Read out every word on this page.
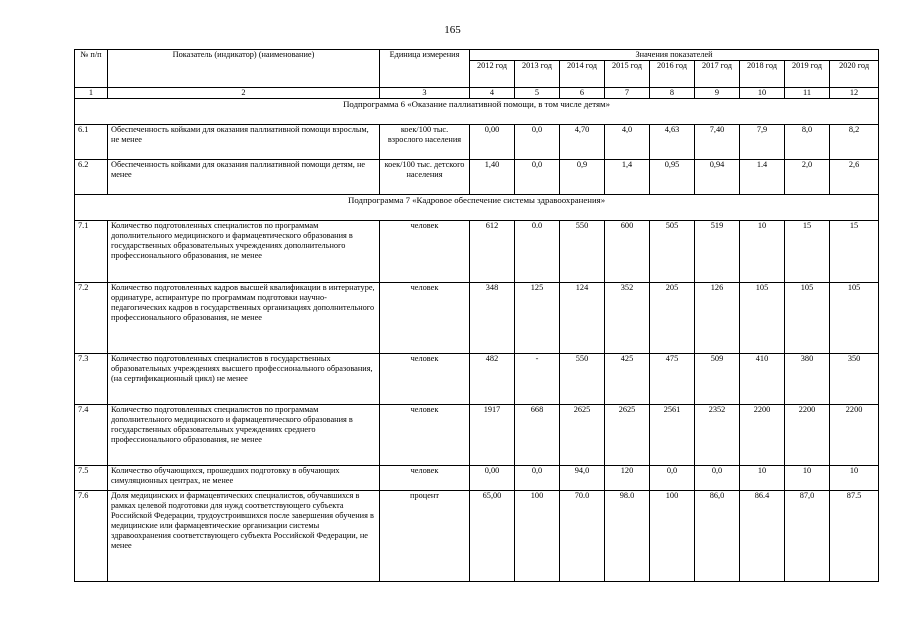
165
№ п/п	Показатель (индикатор) (наименование)	Единица измерения	Значения показателей								
			2012 год	2013 год	2014 год	2015 год	2016 год	2017 год	2018 год	2019 год	2020 год
1	2	3	4	5	6	7	8	9	10	11	12
Подпрограмма 6 «Оказание паллиативной помощи, в том числе детям»											
6.1	Обеспеченность койками для оказания паллиативной помощи взрослым, не менее	коек/100 тыс. взрослого населения	0,00	0,0	4,70	4,0	4,63	7,40	7,9	8,0	8,2
6.2	Обеспеченность койками для оказания паллиативной помощи детям, не менее	коек/100 тыс. детского населения	1,40	0,0	0,9	1,4	0,95	0,94	1.4	2,0	2,6
Подпрограмма 7 «Кадровое обеспечение системы здравоохранения»											
7.1	Количество подготовленных специалистов по программам дополнительного медицинского и фармацевтического образования в государственных образовательных учреждениях дополнительного профессионального образования, не менее	человек	612	0.0	550	600	505	519	10	15	15
7.2	Количество подготовленных кадров высшей квалификации в интернатуре, ординатуре, аспирантуре по программам подготовки научно-педагогических кадров в государственных организациях дополнительного профессионального образования, не менее	человек	348	125	124	352	205	126	105	105	105
7.3	Количество подготовленных специалистов в государственных образовательных учреждениях высшего профессионального образования, (на сертификационный цикл) не менее	человек	482	-	550	425	475	509	410	380	350
7.4	Количество подготовленных специалистов по программам дополнительного медицинского и фармацевтического образования в государственных образовательных учреждениях среднего профессионального образования, не менее	человек	1917	668	2625	2625	2561	2352	2200	2200	2200
7.5	Количество обучающихся, прошедших подготовку в обучающих симуляционных центрах, не менее	человек	0,00	0,0	94,0	120	0,0	0,0	10	10	10
7.6	Доля медицинских и фармацевтических специалистов, обучавшихся в рамках целевой подготовки для нужд соответствующего субъекта Российской Федерации, трудоустроившихся после завершения обучения в медицинские или фармацевтические организации системы здравоохранения соответствующего субъекта Российской Федерации, не менее	процент	65,00	100	70.0	98.0	100	86,0	86.4	87,0	87.5
